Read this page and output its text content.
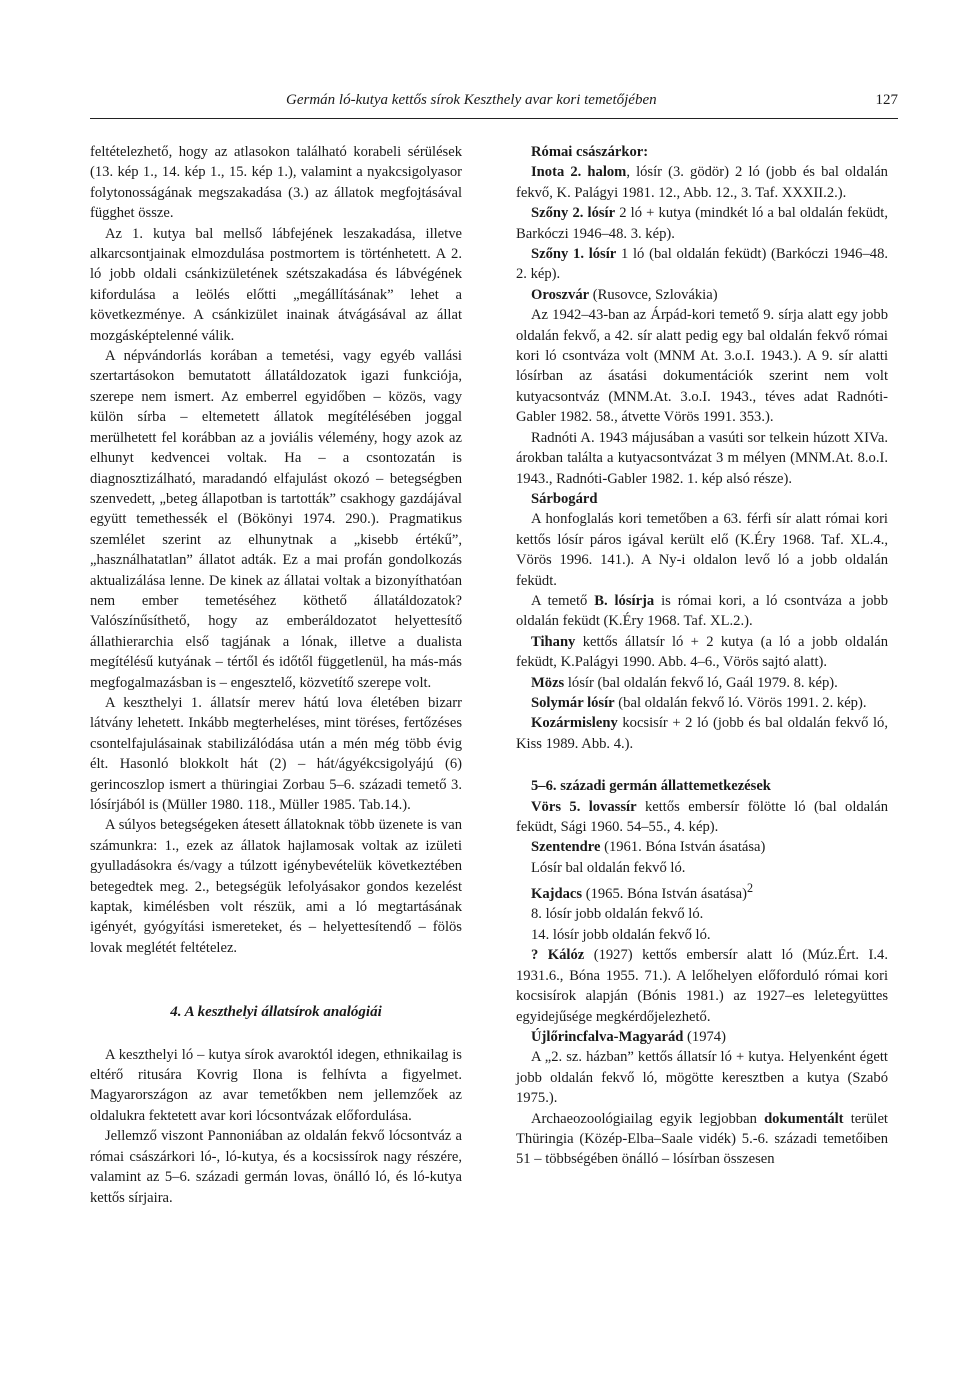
Germán ló-kutya kettős sírok Keszthely avar kori temetőjében	127

feltételezhető, hogy az atlasokon található korabeli sérülések (13. kép 1., 14. kép 1., 15. kép 1.), valamint a nyakcsigolyasor folytonosságának megszakadása (3.) az állatok megfojtásával függhet össze.

Az 1. kutya bal mellső lábfejének leszakadása, illetve alkarcsontjainak elmozdulása postmortem is történhetett. A 2. ló jobb oldali csánkizületének szétszakadása és lábvégének kifordulása a leölés előtti „megállításának” lehet a következménye. A csánkizület inainak átvágásával az állat mozgásképtelenné válik.

A népvándorlás korában a temetési, vagy egyéb vallási szertartásokon bemutatott állatáldozatok igazi funkciója, szerepe nem ismert. Az emberrel egyidőben – közös, vagy külön sírba – eltemetett állatok megítélésében joggal merülhetett fel korábban az a joviális vélemény, hogy azok az elhunyt kedvencei voltak. Ha – a csontozatán is diagnosztizálható, maradandó elfajulást okozó – betegségben szenvedett, „beteg állapotban is tartották” csakhogy gazdájával együtt temethessék el (Bökönyi 1974. 290.). Pragmatikus szemlélet szerint az elhunytnak a „kisebb értékű”, „használhatatlan” állatot adták. Ez a mai profán gondolkozás aktualizálása lenne. De kinek az állatai voltak a bizonyíthatóan nem ember temetéséhez köthető állatáldozatok? Valószínűsíthető, hogy az emberáldozatot helyettesítő állathierarchia első tagjának a lónak, illetve a dualista megítélésű kutyának – tértől és időtől függetlenül, ha más-más megfogalmazásban is – engesztelő, közvetítő szerepe volt.

A keszthelyi 1. állatsír merev hátú lova életében bizarr látvány lehetett. Inkább megterheléses, mint töréses, fertőzéses csontelfajulásainak stabilizálódása után a mén még több évig élt. Hasonló blokkolt hát (2) – hát/ágyékcsigolyájú (6) gerincoszlop ismert a thüringiai Zorbau 5–6. századi temető 3. lósírjából is (Müller 1980. 118., Müller 1985. Tab.14.).

A súlyos betegségeken átesett állatoknak több üzenete is van számunkra: 1., ezek az állatok hajlamosak voltak az izületi gyulladásokra és/vagy a túlzott igénybevételük következtében betegedtek meg. 2., betegségük lefolyásakor gondos kezelést kaptak, kimélésben volt részük, ami a ló megtartásának igényét, gyógyítási ismereteket, és – helyettesítendő – fölös lovak meglétét feltételez.

4. A keszthelyi állatsírok analógiái

A keszthelyi ló – kutya sírok avaroktól idegen, ethnikailag is eltérő ritusára Kovrig Ilona is felhívta a figyelmet. Magyarországon az avar temetőkben nem jellemzőek az oldalukra fektetett avar kori lócsontvázak előfordulása.

Jellemző viszont Pannoniában az oldalán fekvő lócsontváz a római császárkori ló-, ló-kutya, és a kocsissírok nagy részére, valamint az 5–6. századi germán lovas, önálló ló, és ló-kutya kettős sírjaira.

Római császárkor:

Inota 2. halom, lósír (3. gödör) 2 ló (jobb és bal oldalán fekvő, K. Palágyi 1981. 12., Abb. 12., 3. Taf. XXXII.2.).

Szőny 2. lósír 2 ló + kutya (mindkét ló a bal oldalán feküdt, Barkóczi 1946–48. 3. kép).

Szőny 1. lósír 1 ló (bal oldalán feküdt) (Barkóczi 1946–48. 2. kép).

Oroszvár (Rusovce, Szlovákia)

Az 1942–43-ban az Árpád-kori temető 9. sírja alatt egy jobb oldalán fekvő, a 42. sír alatt pedig egy bal oldalán fekvő római kori ló csontváza volt (MNM At. 3.o.I. 1943.). A 9. sír alatti lósírban az ásatási dokumentációk szerint nem volt kutyacsontváz (MNM.At. 3.o.I. 1943., téves adat Radnóti-Gabler 1982. 58., átvette Vörös 1991. 353.).

Radnóti A. 1943 májusában a vasúti sor telkein húzott XIVa. árokban találta a kutyacsontvázat 3 m mélyen (MNM.At. 8.o.I. 1943., Radnóti-Gabler 1982. 1. kép alsó része).

Sárbogárd

A honfoglalás kori temetőben a 63. férfi sír alatt római kori kettős lósír páros igával került elő (K.Éry 1968. Taf. XL.4., Vörös 1996. 141.). A Ny-i oldalon levő ló a jobb oldalán feküdt.

A temető B. lósírja is római kori, a ló csontváza a jobb oldalán feküdt (K.Éry 1968. Taf. XL.2.).

Tihany kettős állatsír ló + 2 kutya (a ló a jobb oldalán feküdt, K.Palágyi 1990. Abb. 4–6., Vörös sajtó alatt).

Mözs lósír (bal oldalán fekvő ló, Gaál 1979. 8. kép).

Solymár lósír (bal oldalán fekvő ló. Vörös 1991. 2. kép).

Kozármisleny kocsisír + 2 ló (jobb és bal oldalán fekvő ló, Kiss 1989. Abb. 4.).

5–6. századi germán állattemetkezések

Vörs 5. lovassír kettős embersír fölötte ló (bal oldalán feküdt, Sági 1960. 54–55., 4. kép).

Szentendre (1961. Bóna István ásatása)

Lósír bal oldalán fekvő ló.

Kajdacs (1965. Bóna István ásatása)$^2$

8. lósír jobb oldalán fekvő ló.

14. lósír jobb oldalán fekvő ló.

? Kálóz (1927) kettős embersír alatt ló (Múz.Ért. I.4. 1931.6., Bóna 1955. 71.). A lelőhelyen előforduló római kori kocsisírok alapján (Bónis 1981.) az 1927–es leletegyüttes egyidejűsége megkérdőjelezhető.

Újlőrincfalva-Magyarád (1974)

A „2. sz. házban” kettős állatsír ló + kutya. Helyenként égett jobb oldalán fekvő ló, mögötte keresztben a kutya (Szabó 1975.).

Archaeozoológiailag egyik legjobban dokumentált terület Thüringia (Közép-Elba–Saale vidék) 5.-6. századi temetőiben 51 – többségében önálló – lósírban összesen
